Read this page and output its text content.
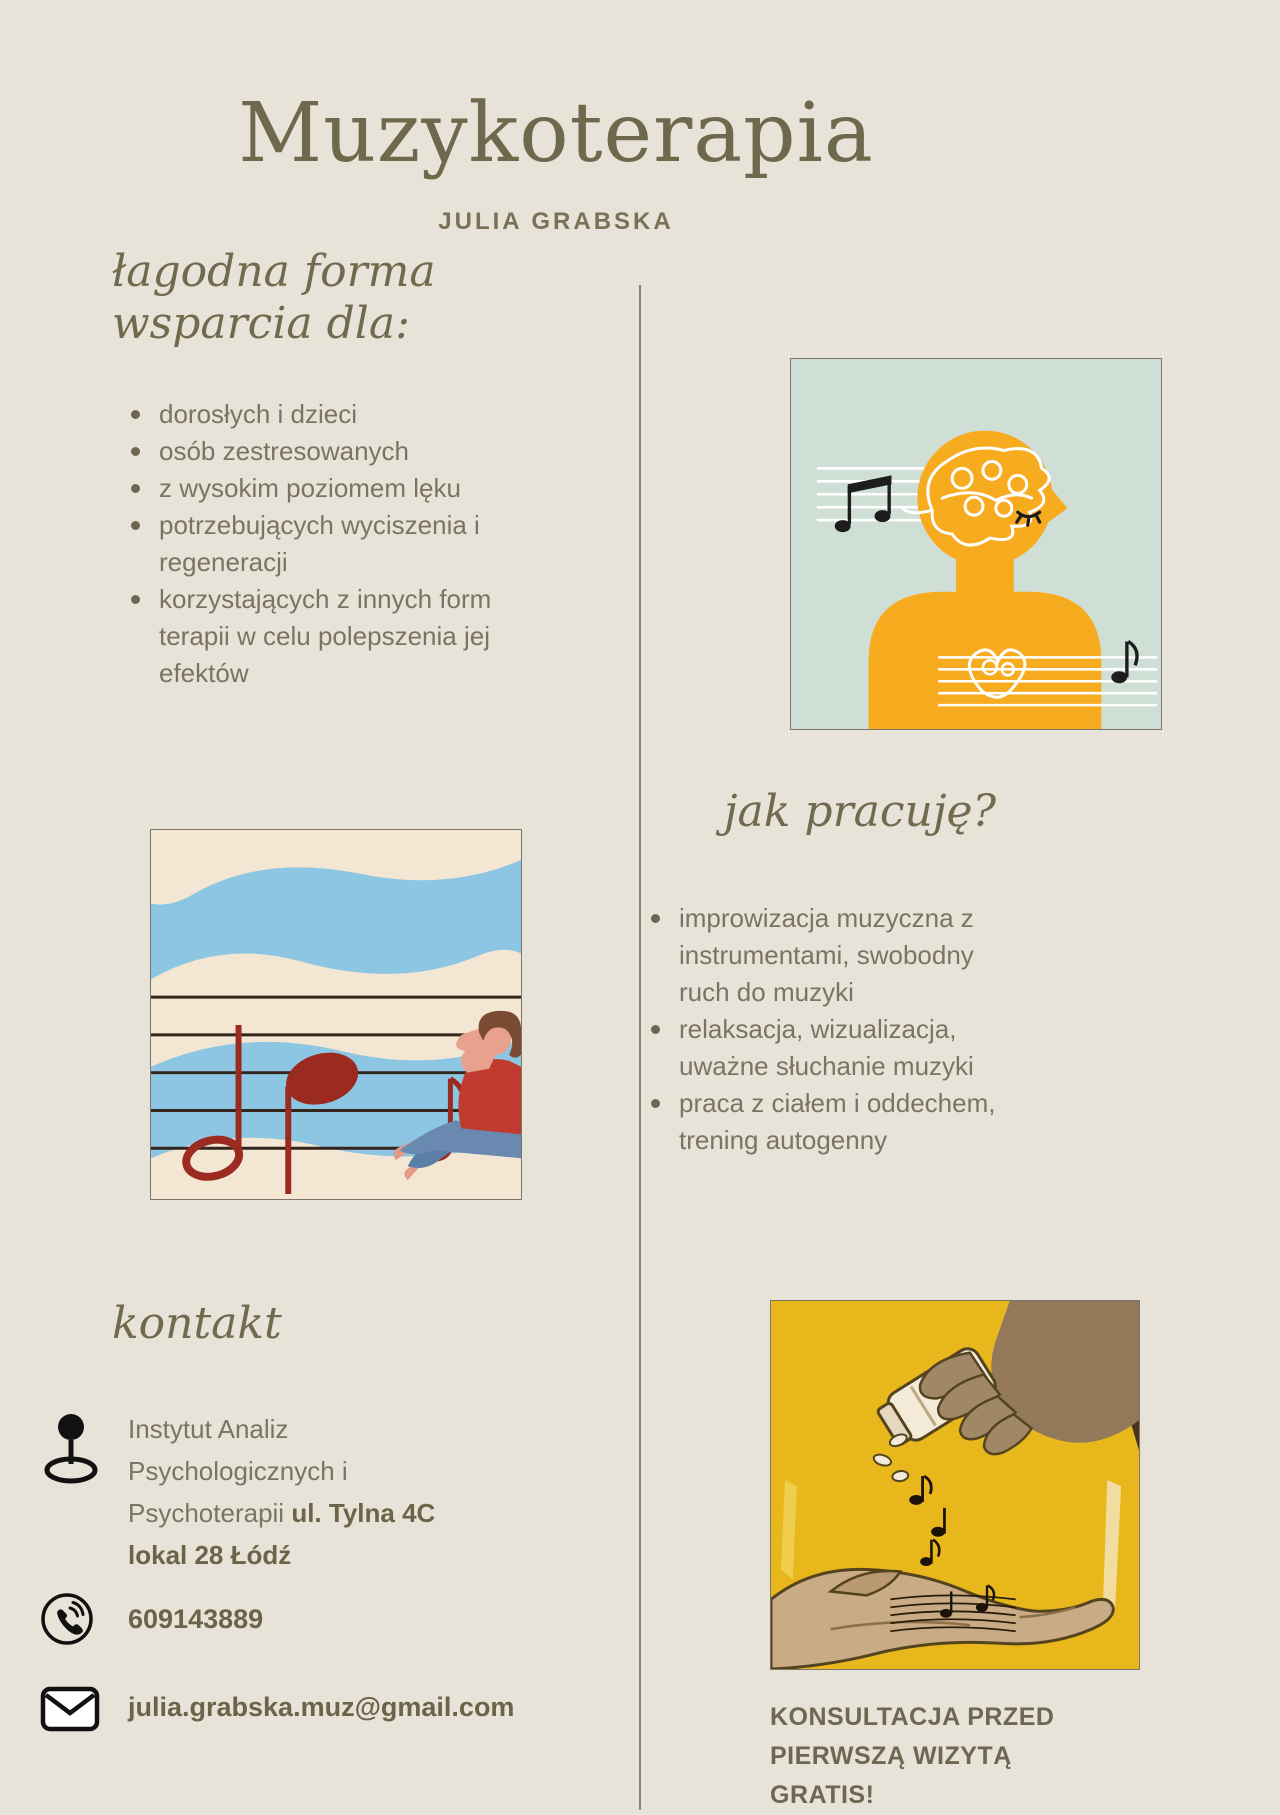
Muzykoterapia
JULIA GRABSKA
łagodna forma wsparcia dla:
dorosłych i dzieci
osób zestresowanych
z wysokim poziomem lęku
potrzebujących wyciszenia i regeneracji
korzystających z innych form terapii w celu polepszenia jej efektów
kontakt
Instytut Analiz Psychologicznych i Psychoterapii ul. Tylna 4C lokal 28 Łódź
609143889
julia.grabska.muz@gmail.com
jak pracuję?
improwizacja muzyczna z instrumentami, swobodny ruch do muzyki
relaksacja, wizualizacja, uważne słuchanie muzyki
praca z ciałem i oddechem, trening autogenny
KONSULTACJA PRZED PIERWSZĄ WIZYTĄ GRATIS!
